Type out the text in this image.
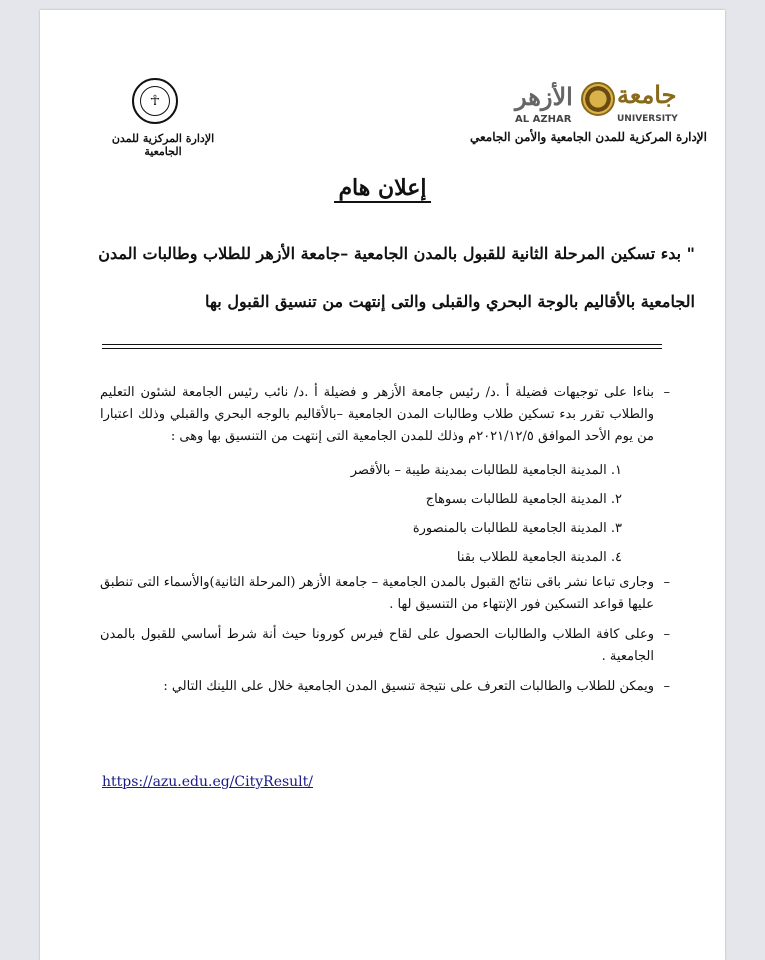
☥
الإدارة المركزية للمدن الجامعية
جامعة
الأزهر
AL AZHAR	UNIVERSITY
الإدارة المركزية للمدن الجامعية والأمن الجامعي
إعلان هام
" بدء تسكين المرحلة الثانية للقبول بالمدن الجامعية –جامعة الأزهر للطلاب وطالبات المدن
الجامعية بالأقاليم بالوجة البحري والقبلى والتى إنتهت من تنسيق القبول بها
– بناءا على توجيهات فضيلة أ .د/ رئيس جامعة الأزهر و فضيلة أ .د/ نائب رئيس الجامعة لشئون التعليم والطلاب تقرر بدء تسكين طلاب وطالبات المدن الجامعية –بالأقاليم بالوجه البحري والقبلي وذلك اعتبارا من يوم الأحد الموافق ٢٠٢١/١٢/٥م وذلك للمدن الجامعية التى إنتهت من التنسيق بها وهى :
١. المدينة الجامعية للطالبات بمدينة طيبة – بالأقصر
٢. المدينة الجامعية للطالبات بسوهاج
٣. المدينة الجامعية للطالبات بالمنصورة
٤. المدينة الجامعية للطلاب بقنا
– وجارى تباعا نشر باقى نتائج القبول بالمدن الجامعية – جامعة الأزهر (المرحلة الثانية)والأسماء التى تنطبق عليها قواعد التسكين فور الإنتهاء من التنسيق لها .
– وعلى كافة الطلاب والطالبات الحصول على لقاح فيرس كورونا حيث أنة شرط أساسي للقبول بالمدن الجامعية .
– ويمكن للطلاب والطالبات التعرف على نتيجة تنسيق المدن الجامعية خلال على اللينك التالي :
https://azu.edu.eg/CityResult/
